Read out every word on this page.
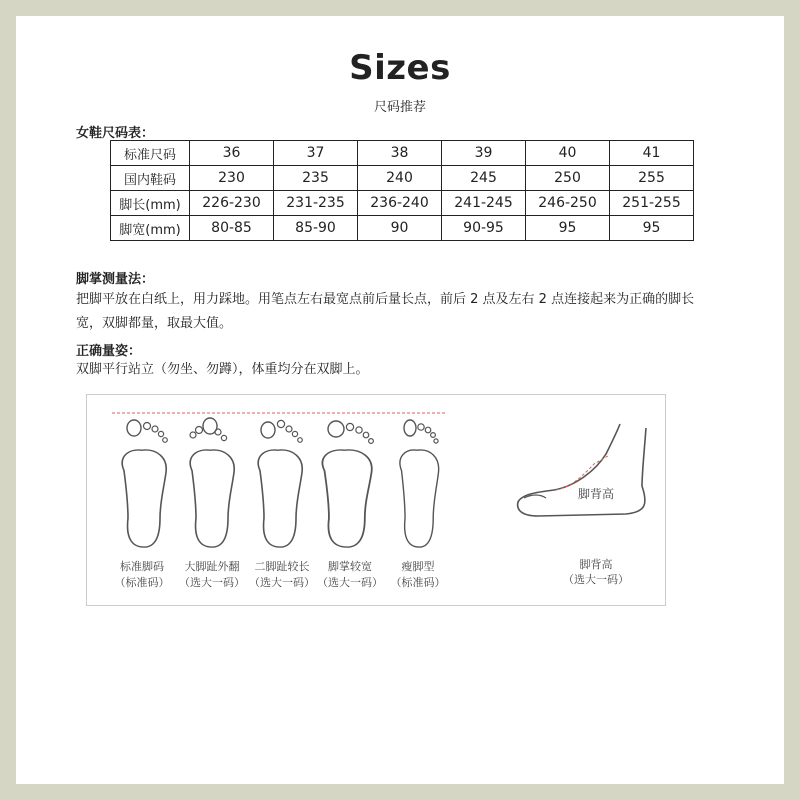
Sizes
尺码推荐
女鞋尺码表：
标准尺码	36	37	38	39	40	41
国内鞋码	230	235	240	245	250	255
脚长(mm)	226-230	231-235	236-240	241-245	246-250	251-255
脚宽(mm)	80-85	85-90	90	90-95	95	95
脚掌测量法：
把脚平放在白纸上，用力踩地。用笔点左右最宽点前后量长点，前后 2 点及左右 2 点连接起来为正确的脚长
宽，双脚都量，取最大值。
正确量姿：
双脚平行站立（勿坐、勿蹲），体重均分在双脚上。
标准脚码
（标准码）
大脚趾外翻
（选大一码）
二脚趾较长
（选大一码）
脚掌较宽
（选大一码）
瘦脚型
（标准码）
脚背高
脚背高
（选大一码）
